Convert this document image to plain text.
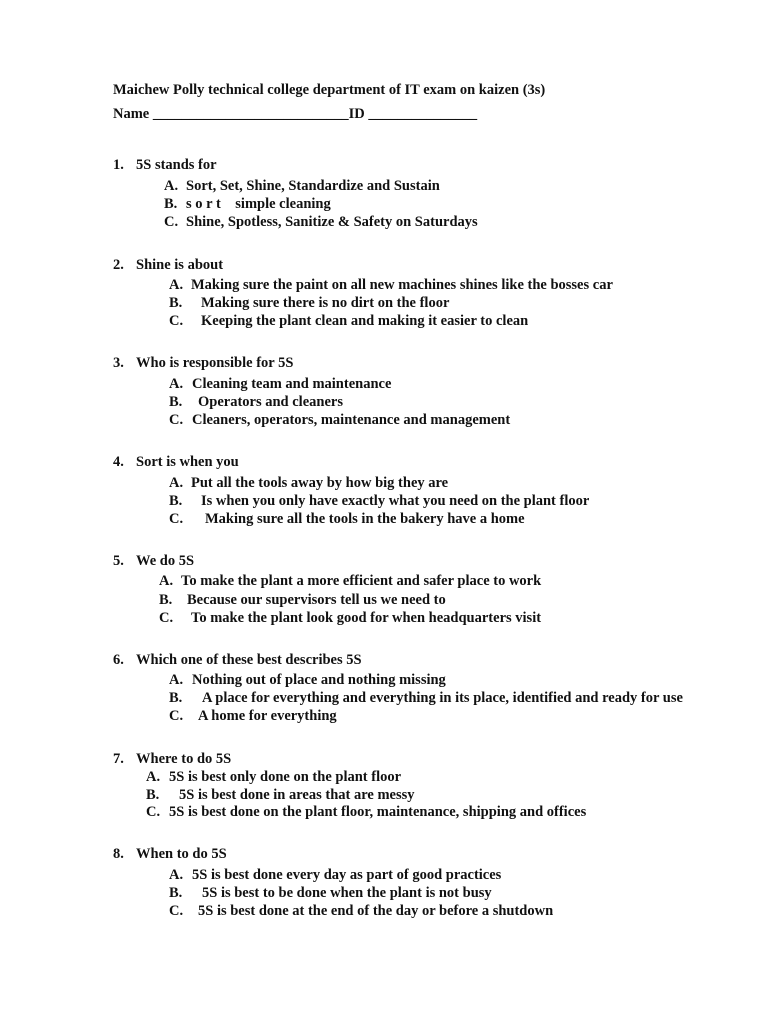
Maichew Polly technical college department of IT exam on kaizen (3s)
Name ___________________________ID _______________
1. 5S stands for
A. Sort, Set, Shine, Standardize and Sustain
B. s o r t    simple cleaning
C. Shine, Spotless, Sanitize & Safety on Saturdays
2. Shine is about
A. Making sure the paint on all new machines shines like the bosses car
B. Making sure there is no dirt on the floor
C. Keeping the plant clean and making it easier to clean
3. Who is responsible for 5S
A. Cleaning team and maintenance
B. Operators and cleaners
C. Cleaners, operators, maintenance and management
4. Sort is when you
A. Put all the tools away by how big they are
B. Is when you only have exactly what you need on the plant floor
C. Making sure all the tools in the bakery have a home
5. We do 5S
A. To make the plant a more efficient and safer place to work
B. Because our supervisors tell us we need to
C. To make the plant look good for when headquarters visit
6. Which one of these best describes 5S
A. Nothing out of place and nothing missing
B. A place for everything and everything in its place, identified and ready for use
C. A home for everything
7. Where to do 5S
A. 5S is best only done on the plant floor
B. 5S is best done in areas that are messy
C. 5S is best done on the plant floor, maintenance, shipping and offices
8. When to do 5S
A. 5S is best done every day as part of good practices
B. 5S is best to be done when the plant is not busy
C. 5S is best done at the end of the day or before a shutdown
